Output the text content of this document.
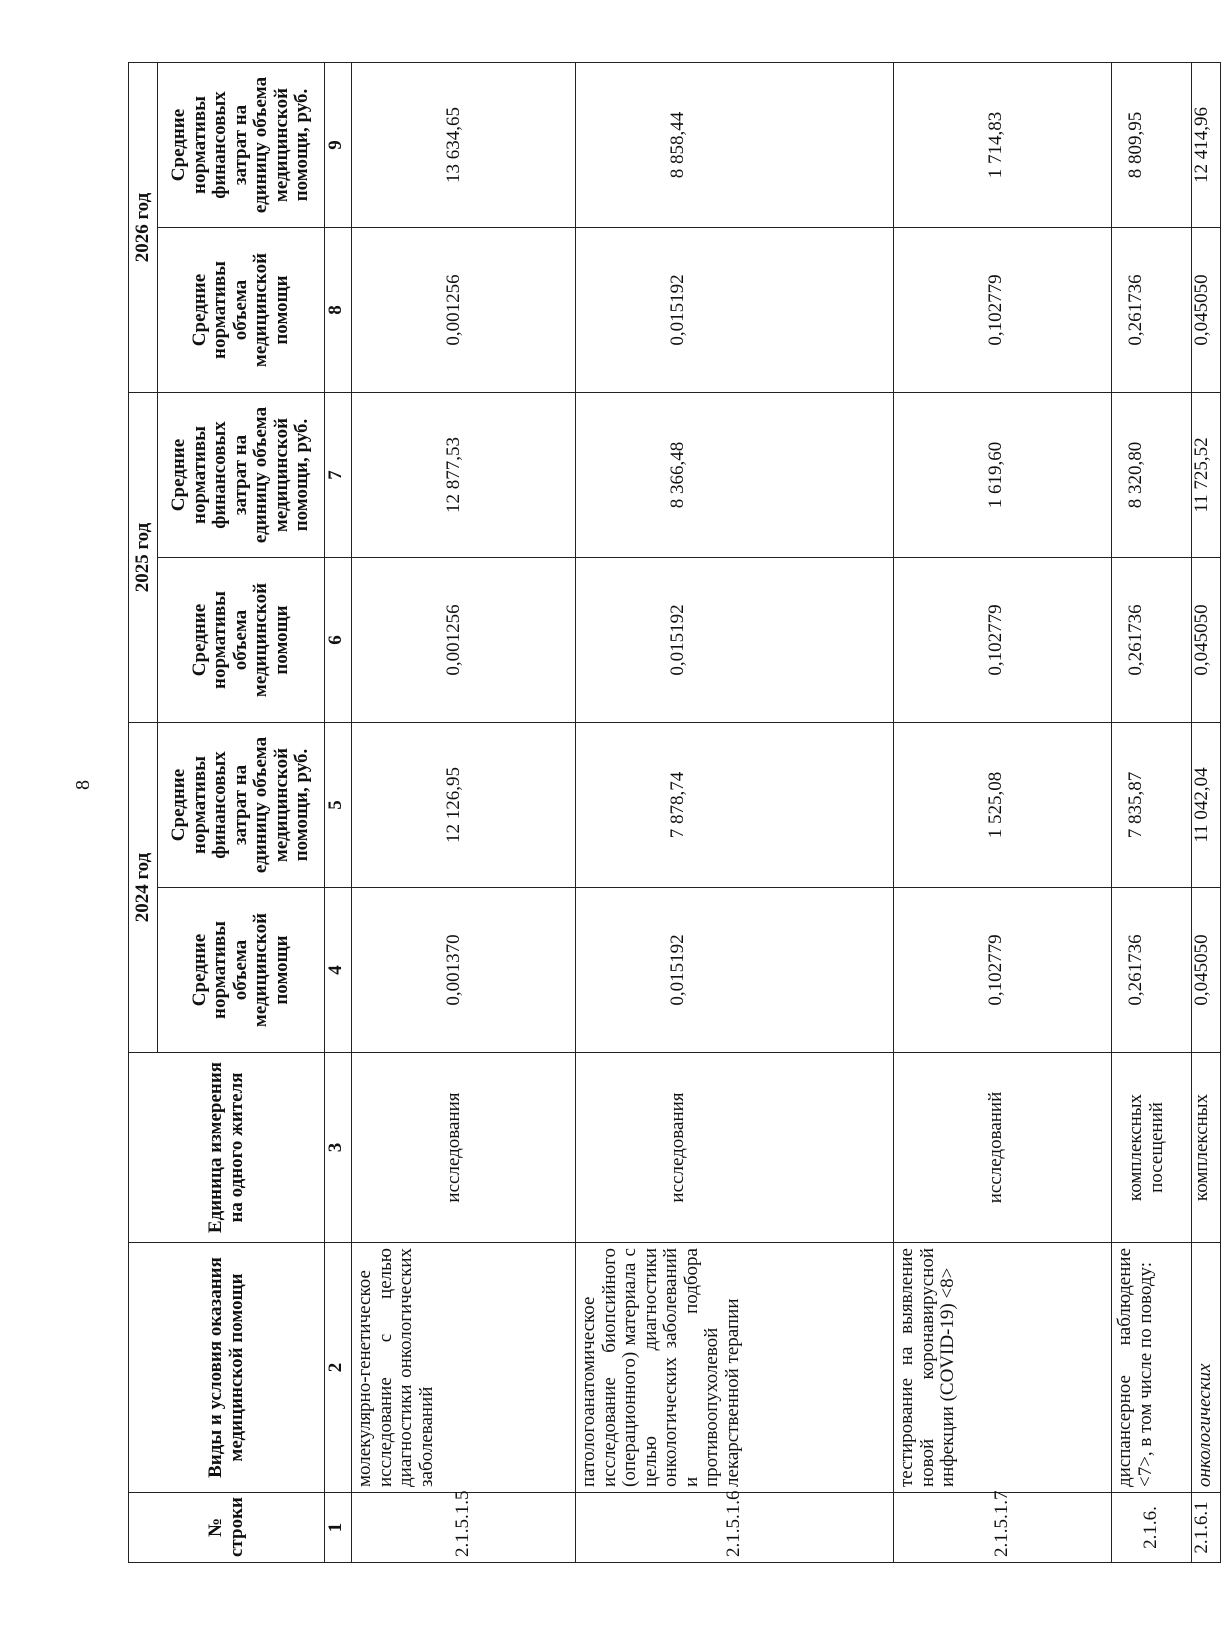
8
№ строки	Виды и условия оказания медицинской помощи	Единица измерения на одного жителя	2024 год		2025 год		2026 год	
			Средние нормативы объема медицинской помощи	Средние нормативы финансовых затрат на единицу объема медицинской помощи, руб.	Средние нормативы объема медицинской помощи	Средние нормативы финансовых затрат на единицу объема медицинской помощи, руб.	Средние нормативы объема медицинской помощи	Средние нормативы финансовых затрат на единицу объема медицинской помощи, руб.
1	2	3	4	5	6	7	8	9
2.1.5.1.5	молекулярно-генетическое исследование с целью диагностики онкологических заболеваний	исследования	0,001370	12 126,95	0,001256	12 877,53	0,001256	13 634,65
2.1.5.1.6	патологоанатомическое исследование биопсийного (операционного) материала с целью диагностики онкологических заболеваний и подбора противоопухолевой лекарственной терапии	исследования	0,015192	7 878,74	0,015192	8 366,48	0,015192	8 858,44
2.1.5.1.7	тестирование на выявление новой коронавирусной инфекции (COVID-19) <8>	исследований	0,102779	1 525,08	0,102779	1 619,60	0,102779	1 714,83
2.1.6.	диспансерное наблюдение <7>, в том числе по поводу:	комплексных посещений	0,261736	7 835,87	0,261736	8 320,80	0,261736	8 809,95
2.1.6.1	онкологических	комплексных	0,045050	11 042,04	0,045050	11 725,52	0,045050	12 414,96
